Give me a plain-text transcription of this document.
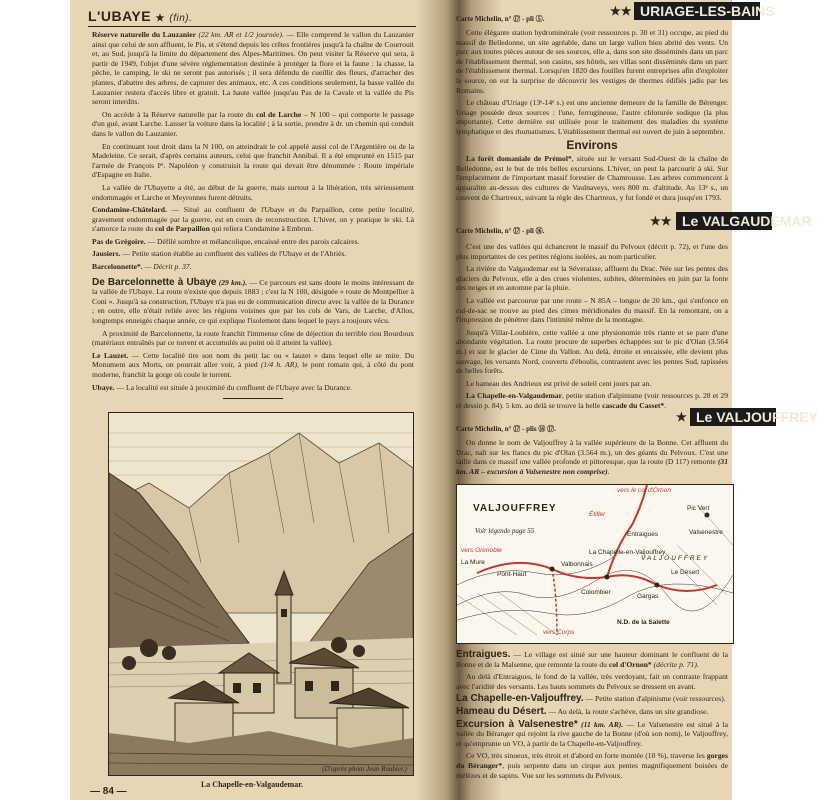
L'UBAYE ★ (fin).

Réserve naturelle du Lauzanier (22 km. AR et 1/2 journée). — Elle comprend le vallon du Lauzanier ainsi que celui de son affluent, le Pis, et s'étend depuis les crêtes frontières jusqu'à la chaîne de Courrouit et, au Sud, jusqu'à la limite du département des Alpes-Maritimes. On peut visiter la Réserve qui sera, à partir de 1949, l'objet d'une sévère réglementation destinée à protéger la flore et la faune : la chasse, la pêche, le camping, le ski ne seront pas autorisés ; il sera défendu de cueillir des fleurs, d'arracher des plantes, d'abattre des arbres, de capturer des animaux, etc. A ces conditions seulement, la basse vallée du Lauzanier restera d'accès libre et gratuit. La haute vallée jusqu'au Pas de la Cavale et la vallée du Pis seront interdits.

On accède à la Réserve naturelle par la route du col de Larche – N 100 – qui comporte le passage d'un gué, avant Larche. Laisser la voiture dans la localité ; à la sortie, prendre à dr. un chemin qui conduit dans le vallon du Lauzanier.

En continuant tout droit dans la N 100, on atteindrait le col appelé aussi col de l'Argentière ou de la Madeleine. Ce serait, d'après certains auteurs, celui que franchit Annibal. Il a été emprunté en 1515 par l'armée de François Iᵉʳ. Napoléon y construisit la route qui devait être dénommée : Route impériale d'Espagne en Italie.

La vallée de l'Ubayette a été, au début de la guerre, mais surtout à la libération, très sérieusement endommagée et Larche et Meyronnes furent détruits.

Condamine-Châtelard. — Situé au confluent de l'Ubaye et du Parpaillon, cette petite localité, gravement endommagée par la guerre, est en cours de reconstruction. L'hiver, on y pratique le ski. Là s'amorce la route du col de Parpaillon qui reliera Condamine à Embrun.

Pas de Grégoire. — Défilé sombre et mélancolique, encaissé entre des parois calcaires.

Jausiers. — Petite station établie au confluent des vallées de l'Ubaye et de l'Abriès.

Barcelonnette*. — Décrit p. 37.

De Barcelonnette à Ubaye (29 km.). — Ce parcours est sans doute le moins intéressant de la vallée de l'Ubaye. La route n'existe que depuis 1883 ; c'est la N 100, désignée « route de Montpellier à Coni ». Jusqu'à sa construction, l'Ubaye n'a pas eu de communication directe avec la vallée de la Durance ; en outre, elle n'était reliée avec les régions voisines que par les cols de Vars, de Larche, d'Allos, longtemps enneigés chaque année, ce qui explique l'isolement dans lequel le pays a toujours vécu.

A proximité de Barcelonnette, la route franchit l'immense cône de déjection du terrible riou Bourdoux (matériaux entraînés par ce torrent et accumulés au point où il atteint la vallée).

Le Lauzet. — Cette localité tire son nom du petit lac ou « lauzet » dans lequel elle se mire. Du Monument aux Morts, on pourrait aller voir, à pied (1/4 h. AR), le pont romain qui, à côté du pont moderne, franchit la gorge où coule le torrent.

Ubaye. — La localité est située à proximité du confluent de l'Ubaye avec la Durance.

(D'après photo Jean Roubier.)
La Chapelle-en-Valgaudemar.
— 84 —
Carte Michelin, n° ⑰ - pli ⑤.
★★ URIAGE-LES-BAINS

Cette élégante station hydrominérale (voir ressources p. 30 et 31) occupe, au pied du massif de Belledonne, un site agréable, dans un large vallon bien abrité des vents. Un parc aux toutes pièces autour de ses sources, elle a, dans son site disséminés dans un parc de l'établissement thermal, son casino, ses hôtels, ses villas sont disséminés dans un parc de l'établissement thermal. Lorsqu'en 1820 des fouilles furent entreprises afin d'exploiter la source, on eut la surprise de découvrir les vestiges de thermes édifiés jadis par les Romains.

Le château d'Uriage (13ᵉ-14ᵉ s.) est une ancienne demeure de la famille de Bérenger. Uriage possède deux sources : l'une, ferrugineuse, l'autre chlorurée sodique (la plus importante). Cette dernière est utilisée pour le traitement des maladies du système lymphatique et des rhumatismes. L'établissement thermal est ouvert de juin à septembre.

Environs

La forêt domaniale de Prémol*, située sur le versant Sud-Ouest de la chaîne de Belledonne, est le but de très belles excursions. L'hiver, on peut la parcourir à ski. Sur l'emplacement de l'important massif forestier de Chamrousse. Les arbres commencent à apparaître au-dessus des cultures de Vaulnaveys, vers 800 m. d'altitude. Au 13ᵉ s., un couvent de Chartreux, suivant la règle des Chartreux, y fut fondé et dura jusqu'en 1793.

★★ Le VALGAUDEMAR
Carte Michelin, n° ⑰ - pli ⑯.

C'est une des vallées qui échancrent le massif du Pelvoux (décrit p. 72), et l'une des plus importantes de ces petites régions isolées, au nom particulier.

La rivière du Valgaudemar est la Séveraisse, affluent du Drac. Née sur les pentes des glaciers du Pelvoux, elle a des crues violentes, subites, déterminées en juin par la fonte des neiges et en automne par la pluie.

La vallée est parcourue par une route – N 85A – longue de 20 km., qui s'enfonce en cul-de-sac se trouve au pied des cimes méridionales du massif. En la remontant, on a l'impression de pénétrer dans l'intimité même de la montagne.

Jusqu'à Villar-Loubière, cette vallée a une physionomie très riante et se pare d'une abondante végétation. La route procure de superbes échappées sur le pic d'Olan (3.564 m.) et sur le glacier de Cime du Vallon. Au delà, étroite et encaissée, elle devient plus sauvage, les versants Nord, couverts d'éboulis, contrastent avec les pentes Sud, tapissées de belles forêts.

Le hameau des Andrieux est privé de soleil cent jours par an.

La Chapelle-en-Valgaudemar, petite station d'alpinisme (voir ressources p. 28 et 29 et dessin p. 84). 5 km. au delà se trouve la belle cascade du Casset*.

★ Le VALJOUFFREY
Carte Michelin, n° ⑰ - plis ⑯ ⑰.

On donne le nom de Valjouffrey à la vallée supérieure de la Bonne. Cet affluent du Drac, naît sur les flancs du pic d'Olan (3.564 m.), un des géants du Pelvoux. C'est une taille dans ce massif une vallée profonde et pittoresque, que la route (D 117) remonte (31 km. AR – excursion à Valsenestre non comprise).

VALJOUFFREY
Voir légende page 55
vers le col d'Ornon
vers Grenoble
La Mure
Entraigues
Pic Vert
Valsenestre
Pont-Haut
Valbonnais
Le Désert
Colombier
Gargas
Étiller
La Chapelle-en-Valjouffrey
vers Corps
N.D. de la Salette
VALJOUFFREY

Entraigues. — Le village est situé sur une hauteur dominant le confluent de la Bonne et de la Malsenne, que remonte la route du col d'Ornon* (décrite p. 71).

Au delà d'Entraigues, le fond de la vallée, très verdoyant, fait un contraste frappant avec l'aridité des versants. Les hauts sommets du Pelvoux se dressent en avant.

La Chapelle-en-Valjouffrey. — Petite station d'alpinisme (voir ressources).

Hameau du Désert. — Au delà, la route s'achève, dans un site grandiose.

Excursion à Valsenestre* (11 km. AR). — Le Valsenestre est situé à la vallée du Béranger qui rejoint la rive gauche de la Bonne (d'où son nom), le Valjouffrey, et qu'emprunte un VO, à partir de la Chapelle-en-Valjouffrey.

Ce VO, très sinueux, très étroit et d'abord en forte montée (10 %), traverse les gorges du Béranger*, puis serpente dans un cirque aux pentes magnifiquement boisées de mélèzes et de sapins. Vue sur les sommets du Pelvoux.
